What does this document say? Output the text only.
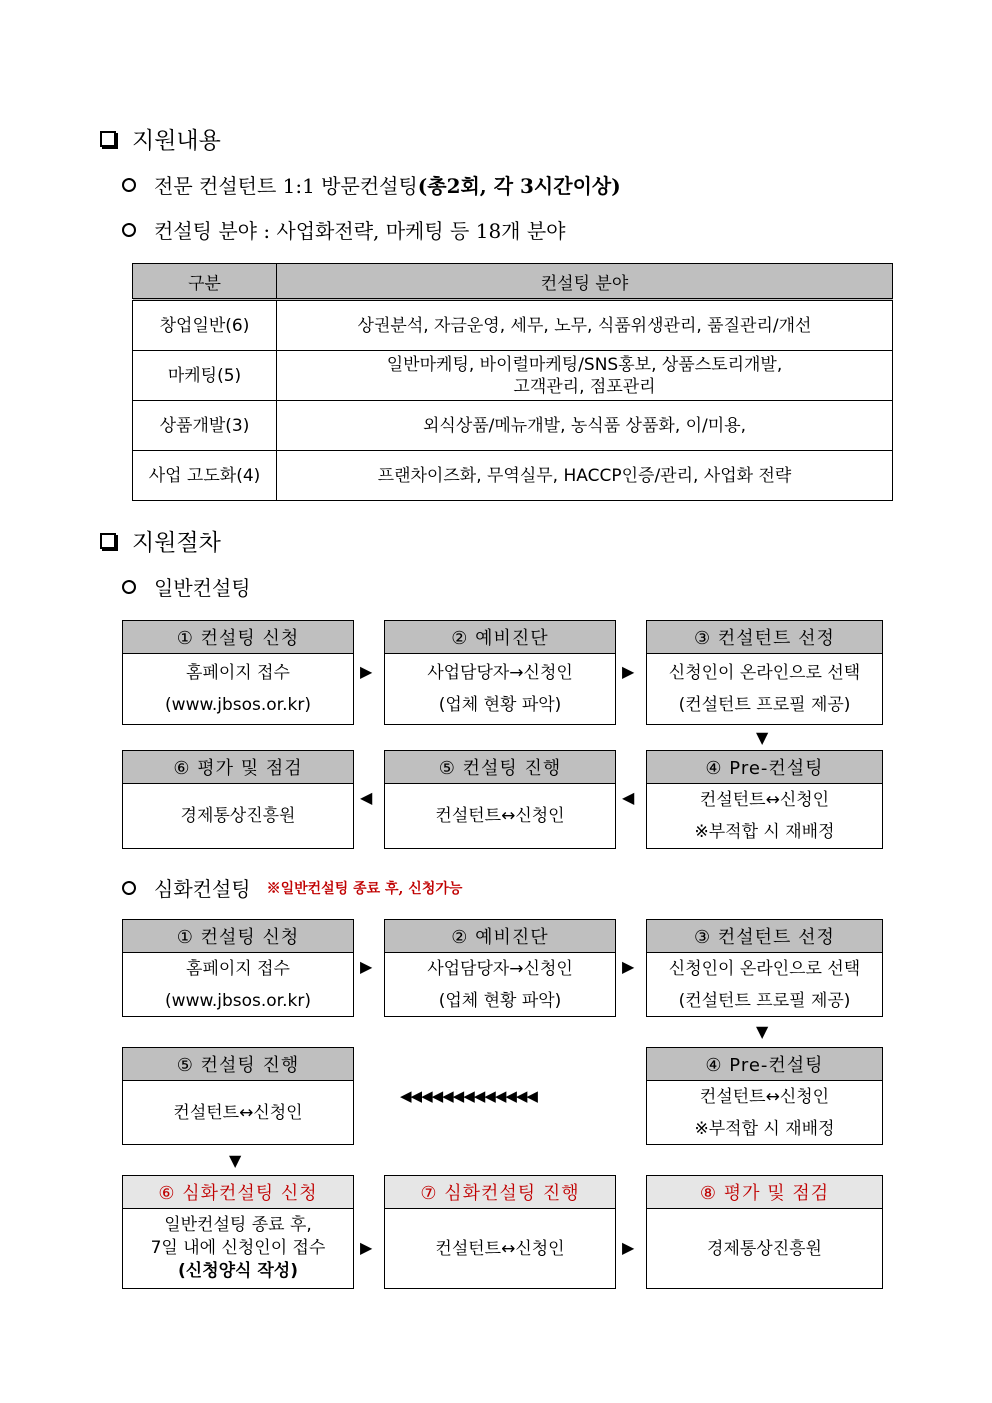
지원내용
전문 컨설턴트 1:1 방문컨설팅 (총2회, 각 3시간이상)
컨설팅 분야 : 사업화전략, 마케팅 등 18개 분야
구분	컨설팅 분야
창업일반(6)	상권분석, 자금운영, 세무, 노무, 식품위생관리, 품질관리/개선
마케팅(5)	일반마케팅, 바이럴마케팅/SNS홍보, 상품스토리개발,
고객관리, 점포관리

상품개발(3)	외식상품/메뉴개발, 농식품 상품화, 이/미용,
사업 고도화(4)	프랜차이즈화, 무역실무, HACCP인증/관리, 사업화 전략
지원절차
일반컨설팅
① 컨설팅 신청
홈페이지 접수
(www.jbsos.or.kr)
▶
② 예비진단
사업담당자→신청인
(업체 현황 파악)
▶
③ 컨설턴트 선정
신청인이 온라인으로 선택
(컨설턴트 프로필 제공)
▼
⑥ 평가 및 점검
경제통상진흥원
◀
⑤ 컨설팅 진행
컨설턴트↔신청인
◀
④ Pre-컨설팅
컨설턴트↔신청인
※부적합 시 재배정
심화컨설팅 ※일반컨설팅 종료 후, 신청가능
① 컨설팅 신청
홈페이지 접수
(www.jbsos.or.kr)
▶
② 예비진단
사업담당자→신청인
(업체 현황 파악)
▶
③ 컨설턴트 선정
신청인이 온라인으로 선택
(컨설턴트 프로필 제공)
▼
⑤ 컨설팅 진행
컨설턴트↔신청인
◀◀◀◀◀◀◀◀◀◀◀◀◀
④ Pre-컨설팅
컨설턴트↔신청인
※부적합 시 재배정
▼
⑥ 심화컨설팅 신청
일반컨설팅 종료 후,
7일 내에 신청인이 접수
(신청양식 작성)
▶
⑦ 심화컨설팅 진행
컨설턴트↔신청인	▶
⑧ 평가 및 점검
경제통상진흥원
